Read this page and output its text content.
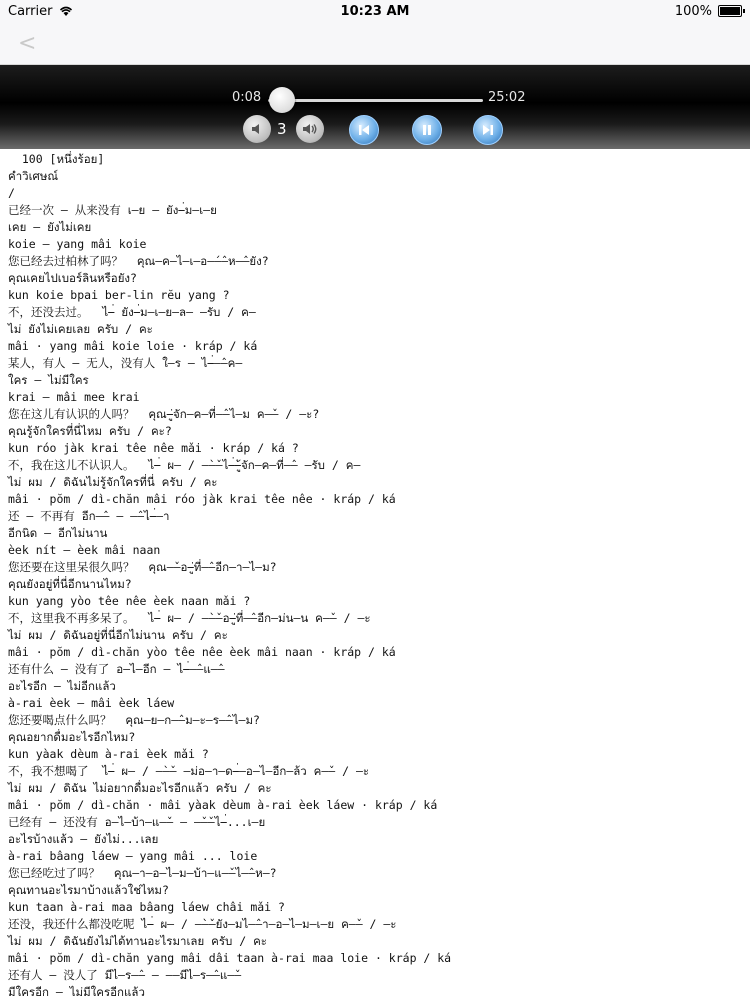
Carrier	10:23 AM	100%
<
0:08	25:02
3
100 [หนึ่งร้อย]
คำวิเศษณ์
/
已经一次 — 从来没有 เ–ย — ยัง–่ม–เ–ย
เคย — ยังไม่เคย
koie — yang mâi koie
您已经去过柏林了吗？  คุณ–ค–ไ–เ–อ–́–̂–ห–̂–ยัง?
คุณเคยไปเบอร์ลินหรือยัง?
kun koie bpai ber-lin rĕu yang ?
不，还没去过。  ไ–่ ยัง–่ม–เ–ย–ล– –รับ / ค–
ไม่ ยังไม่เคยเลย ครับ / คะ
mâi · yang mâi koie loie · kráp / ká
某人，有人 — 无人，没有人 ใ–ร — ไ–่–̂–ค–
ใคร — ไม่มีใคร
krai — mâi mee krai
您在这儿有认识的人吗？  คุณ–ู่จัก–ค–ที่–̂–ไ–ม ค–̌– / –ะ?
คุณรู้จักใครที่นี่ไหม ครับ / คะ?
kun róo jàk krai têe nêe mǎi · kráp / ká ?
不，我在这儿不认识人。  ไ–่ ผ– / –̀–̌–ไ–่–ู้จัก–ค–ที่–̂– –รับ / ค–
ไม่ ผม / ดิฉันไม่รู้จักใครที่นี่ ครับ / คะ
mâi · pŏm / dì-chăn mâi róo jàk krai têe nêe · kráp / ká
还 — 不再有 อีก–̂– — –̂–ไ–่–า
อีกนิด — อีกไม่นาน
èek nít — èek mâi naan
您还要在这里呆很久吗？  คุณ–̌–อ–ู่ที่–̂–อีก–า–ไ–ม?
คุณยังอยู่ที่นี่อีกนานไหม?
kun yang yòo têe nêe èek naan mǎi ?
不，这里我不再多呆了。  ไ–่ ผ– / –̀–̌–อ–ู่ที่–̂–อีก–ม่น–น ค–̌– / –ะ
ไม่ ผม / ดิฉันอยู่ที่นี่อีกไม่นาน ครับ / คะ
mâi · pŏm / dì-chăn yòo têe nêe èek mâi naan · kráp / ká
还有什么 — 没有了 อ–ไ–อีก — ไ–่–̂–แ–̂–
อะไรอีก — ไม่อีกแล้ว
à-rai èek — mâi èek láew
您还要喝点什么吗？  คุณ–ย–ก–̂–ม–ะ–ร–̂–ไ–ม?
คุณอยากดื่มอะไรอีกไหม?
kun yàak dèum à-rai èek mǎi ?
不，我不想喝了  ไ–่ ผ– / –̀–̌– –ม่อ–า–ด–่–อ–ไ–อีก–ล้ว ค–̌– / –ะ
ไม่ ผม / ดิฉัน ไม่อยากดื่มอะไรอีกแล้ว ครับ / คะ
mâi · pŏm / dì-chăn · mâi yàak dèum à-rai èek láew · kráp / ká
已经有 — 还没有 อ–ไ–บ้า–แ–̌– — –̌–̌–ไ–่...เ–ย
อะไรบ้างแล้ว — ยังไม่...เลย
à-rai bâang láew — yang mâi ... loie
您已经吃过了吗？  คุณ–า–อ–ไ–ม–บ้า–แ–̌–ไ–̂–ห–?
คุณทานอะไรมาบ้างแล้วใช่ไหม?
kun taan à-rai maa bâang láew châi mǎi ?
还没，我还什么都没吃呢 ไ–่ ผ– / –̀–̌–ยัง–มไ–̂–า–อ–ไ–ม–เ–ย ค–̌– / –ะ
ไม่ ผม / ดิฉันยังไม่ได้ทานอะไรมาเลย ครับ / คะ
mâi · pŏm / dì-chăn yang mâi dâi taan à-rai maa loie · kráp / ká
还有人 — 没人了 มีไ–ร–̂– — ––มีไ–ร–̂–แ–̌–
มีใครอีก — ไม่มีใครอีกแล้ว
